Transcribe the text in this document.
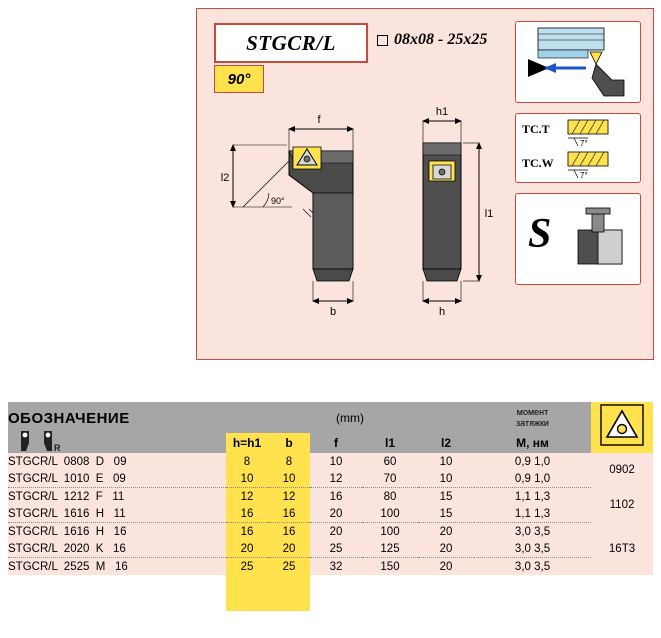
STGCR/L	08x08 - 25x25
90°
f
l2
90°
b
h1
l1
h
TC.T
TC.W
7°
7°
S
ОБОЗНАЧЕНИЕ
R
	(mm)	момент
затяжки

	h=h1	b	f	l1	l2	M, нм	
STGCR/L  0808  D   09	8	8	10	60	10	0,9 1,0	0902
STGCR/L  1010  E   09	10	10	12	70	10	0,9 1,0	
STGCR/L  1212  F   11	12	12	16	80	15	1,1 1,3	1102
STGCR/L  1616  H   11	16	16	20	100	15	1,1 1,3	
STGCR/L  1616  H   16	16	16	20	100	20	3,0 3,5	16T3
STGCR/L  2020  K   16	20	20	25	125	20	3,0 3,5	
STGCR/L  2525  M   16	25	25	32	150	20	3,0 3,5	
